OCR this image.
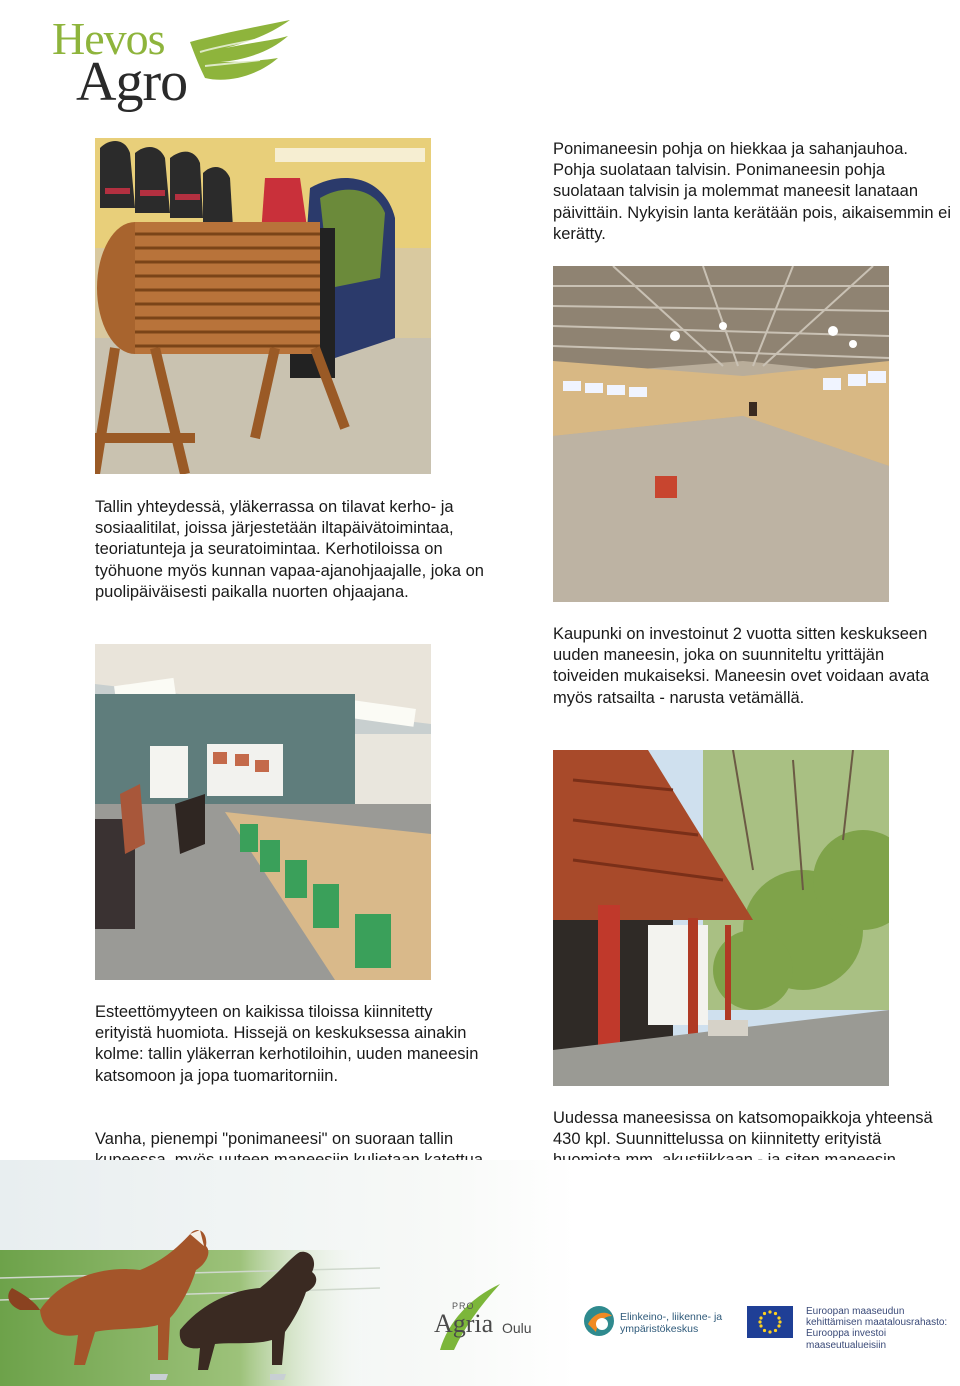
Hevos
Agro

Ponimaneesin pohja on hiekkaa ja sahanjauhoa. Pohja suolataan talvisin. Ponimaneesin pohja suolataan talvisin ja molemmat maneesit lanataan päivittäin. Nykyisin lanta kerätään pois, aikaisemmin ei kerätty.

Tallin yhteydessä, yläkerrassa on tilavat kerho- ja sosiaalitilat, joissa järjestetään iltapäivätoimintaa, teoriatunteja ja seuratoimintaa. Kerhotiloissa on työhuone myös kunnan vapaa-ajanohjaajalle, joka on puolipäiväisesti paikalla nuorten ohjaajana.

Kaupunki on investoinut 2 vuotta sitten keskukseen uuden maneesin, joka on suunniteltu yrittäjän toiveiden mukaiseksi. Maneesin ovet voidaan avata myös ratsailta - narusta vetämällä.

Esteettömyyteen on kaikissa tiloissa kiinnitetty erityistä huomiota. Hissejä on keskuksessa ainakin kolme: tallin yläkerran kerhotiloihin, uuden maneesin katsomoon ja jopa tuomaritorniin.

Uudessa maneesissa on katsomopaikkoja yhteensä 430 kpl. Suunnittelussa on kiinnitetty erityistä

Vanha, pienempi "ponimaneesi" on suoraan tallin

PRO
Agria Oulu
Elinkeino-, liikenne- ja
ympäristökeskus
Euroopan maaseudun
kehittämisen maatalousrahasto:
Eurooppa investoi maaseutualueisiin
